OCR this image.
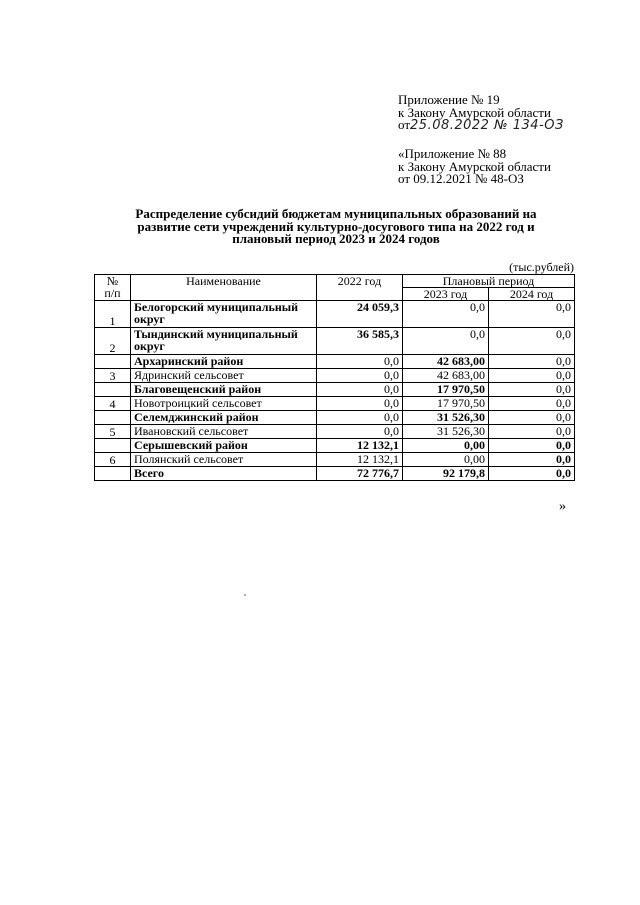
Приложение № 19
к Закону Амурской области
от25.08.2022 № 134-ОЗ
«Приложение № 88
к Закону Амурской области
от 09.12.2021 № 48-ОЗ
Распределение субсидий бюджетам муниципальных образований на
развитие сети учреждений культурно-досугового типа на 2022 год и
плановый период 2023 и 2024 годов
(тыс.рублей)
№
п/п	Наименование	2022 год	Плановый период	
			2023 год	2024 год
1	Белогорский муниципальный округ	24 059,3	0,0	0,0
2	Тындинский муниципальный округ	36 585,3	0,0	0,0
	Архаринский район	0,0	42 683,00	0,0
3	Ядринский сельсовет	0,0	42 683,00	0,0
	Благовещенский район	0,0	17 970,50	0,0
4	Новотроицкий сельсовет	0,0	17 970,50	0,0
	Селемджинский район	0,0	31 526,30	0,0
5	Ивановский сельсовет	0,0	31 526,30	0,0
	Серышевский район	12 132,1	0,00	0,0
6	Полянский сельсовет	12 132,1	0,00	0,0
	Всего	72 776,7	92 179,8	0,0
»
